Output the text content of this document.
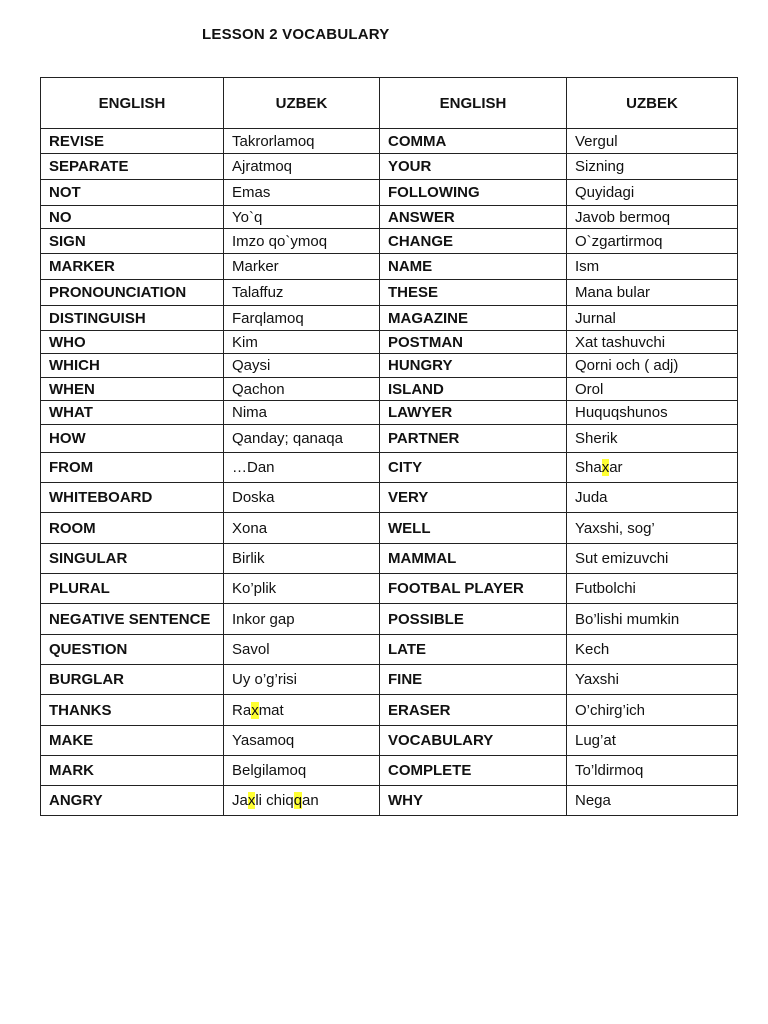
LESSON 2 VOCABULARY
ENGLISH	UZBEK	ENGLISH	UZBEK
REVISE	Takrorlamoq	COMMA	Vergul
SEPARATE	Ajratmoq	YOUR	Sizning
NOT	Emas	FOLLOWING	Quyidagi
NO	Yo`q	ANSWER	Javob bermoq
SIGN	Imzo qo`ymoq	CHANGE	O`zgartirmoq
MARKER	Marker	NAME	Ism
PRONOUNCIATION	Talaffuz	THESE	Mana bular
DISTINGUISH	Farqlamoq	MAGAZINE	Jurnal
WHO	Kim	POSTMAN	Xat tashuvchi
WHICH	Qaysi	HUNGRY	Qorni och ( adj)
WHEN	Qachon	ISLAND	Orol
WHAT	Nima	LAWYER	Huquqshunos
HOW	Qanday; qanaqa	PARTNER	Sherik
FROM	…Dan	CITY	Shaxar
WHITEBOARD	Doska	VERY	Juda
ROOM	Xona	WELL	Yaxshi, sog’
SINGULAR	Birlik	MAMMAL	Sut emizuvchi
PLURAL	Ko’plik	FOOTBAL PLAYER	Futbolchi
NEGATIVE SENTENCE	Inkor gap	POSSIBLE	Bo’lishi mumkin
QUESTION	Savol	LATE	Kech
BURGLAR	Uy o’g’risi	FINE	Yaxshi
THANKS	Raxmat	ERASER	O’chirg’ich
MAKE	Yasamoq	VOCABULARY	Lug’at
MARK	Belgilamoq	COMPLETE	To’ldirmoq
ANGRY	Jaxli chiqqan	WHY	Nega
